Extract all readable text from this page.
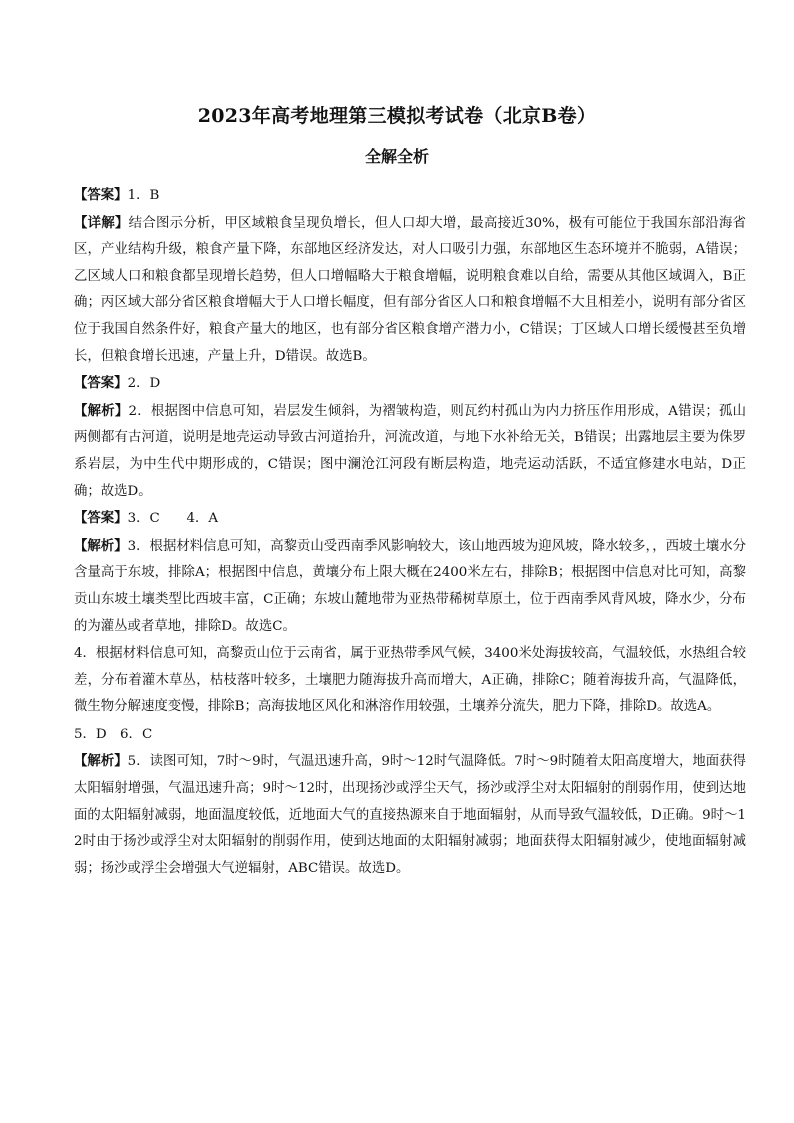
2023年高考地理第三模拟考试卷（北京B卷）
全解全析

【答案】1．B

【详解】结合图示分析，甲区域粮食呈现负增长，但人口却大增，最高接近30%，极有可能位于我国东部沿海省区，产业结构升级，粮食产量下降，东部地区经济发达，对人口吸引力强，东部地区生态环境并不脆弱，A错误；乙区域人口和粮食都呈现增长趋势，但人口增幅略大于粮食增幅，说明粮食难以自给，需要从其他区域调入，B正确；丙区域大部分省区粮食增幅大于人口增长幅度，但有部分省区人口和粮食增幅不大且相差小，说明有部分省区位于我国自然条件好，粮食产量大的地区，也有部分省区粮食增产潜力小，C错误；丁区域人口增长缓慢甚至负增长，但粮食增长迅速，产量上升，D错误。故选B。

【答案】2．D

【解析】2．根据图中信息可知，岩层发生倾斜，为褶皱构造，则瓦约村孤山为内力挤压作用形成，A错误；孤山两侧都有古河道，说明是地壳运动导致古河道抬升，河流改道，与地下水补给无关，B错误；出露地层主要为侏罗系岩层，为中生代中期形成的，C错误；图中澜沧江河段有断层构造，地壳运动活跃，不适宜修建水电站，D正确；故选D。

【答案】3．C　　4．A

【解析】3．根据材料信息可知，高黎贡山受西南季风影响较大，该山地西坡为迎风坡，降水较多，，西坡土壤水分含量高于东坡，排除A；根据图中信息，黄壤分布上限大概在2400米左右，排除B；根据图中信息对比可知，高黎贡山东坡土壤类型比西坡丰富，C正确；东坡山麓地带为亚热带稀树草原土，位于西南季风背风坡，降水少，分布的为灌丛或者草地，排除D。故选C。

4．根据材料信息可知，高黎贡山位于云南省，属于亚热带季风气候，3400米处海拔较高，气温较低，水热组合较差，分布着灌木草丛，枯枝落叶较多，土壤肥力随海拔升高而增大，A正确，排除C；随着海拔升高，气温降低，微生物分解速度变慢，排除B；高海拔地区风化和淋溶作用较强，土壤养分流失，肥力下降，排除D。故选A。

5．D　6．C

【解析】5．读图可知，7时～9时，气温迅速升高，9时～12时气温降低。7时～9时随着太阳高度增大，地面获得太阳辐射增强，气温迅速升高；9时～12时，出现扬沙或浮尘天气，扬沙或浮尘对太阳辐射的削弱作用，使到达地面的太阳辐射减弱，地面温度较低，近地面大气的直接热源来自于地面辐射，从而导致气温较低，D正确。9时～12时由于扬沙或浮尘对太阳辐射的削弱作用，使到达地面的太阳辐射减弱；地面获得太阳辐射减少，使地面辐射减弱；扬沙或浮尘会增强大气逆辐射，ABC错误。故选D。
